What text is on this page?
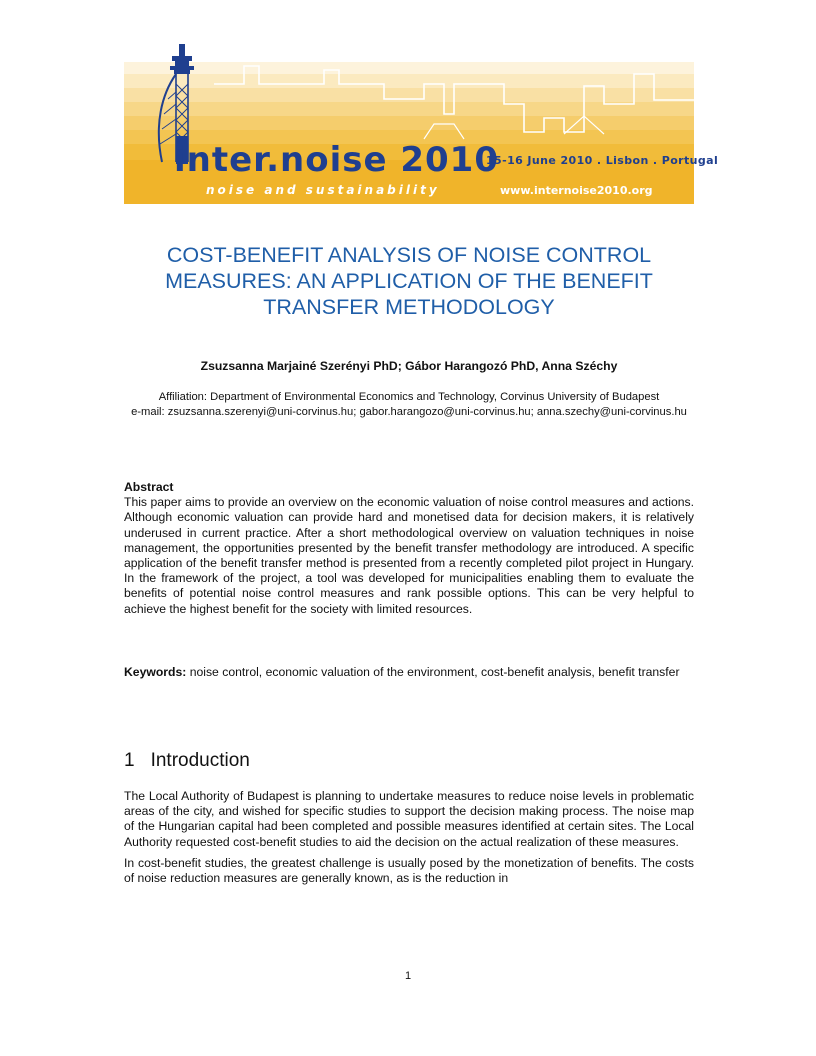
inter.noise 2010
15-16 June 2010 . Lisbon . Portugal
noise and sustainability	www.internoise2010.org
COST-BENEFIT ANALYSIS OF NOISE CONTROL MEASURES: AN APPLICATION OF THE BENEFIT TRANSFER METHODOLOGY
Zsuzsanna Marjainé Szerényi PhD; Gábor Harangozó PhD, Anna Széchy
Affiliation: Department of Environmental Economics and Technology, Corvinus University of Budapest
e-mail: zsuzsanna.szerenyi@uni-corvinus.hu; gabor.harangozo@uni-corvinus.hu; anna.szechy@uni-corvinus.hu
Abstract

This paper aims to provide an overview on the economic valuation of noise control measures and actions. Although economic valuation can provide hard and monetised data for decision makers, it is relatively underused in current practice. After a short methodological overview on valuation techniques in noise management, the opportunities presented by the benefit transfer methodology are introduced. A specific application of the benefit transfer method is presented from a recently completed pilot project in Hungary. In the framework of the project, a tool was developed for municipalities enabling them to evaluate the benefits of potential noise control measures and rank possible options. This can be very helpful to achieve the highest benefit for the society with limited resources.

Keywords: noise control, economic valuation of the environment, cost-benefit analysis, benefit transfer

1 Introduction

The Local Authority of Budapest is planning to undertake measures to reduce noise levels in problematic areas of the city, and wished for specific studies to support the decision making process. The noise map of the Hungarian capital had been completed and possible measures identified at certain sites. The Local Authority requested cost-benefit studies to aid the decision on the actual realization of these measures.

In cost-benefit studies, the greatest challenge is usually posed by the monetization of benefits. The costs of noise reduction measures are generally known, as is the reduction in

1
